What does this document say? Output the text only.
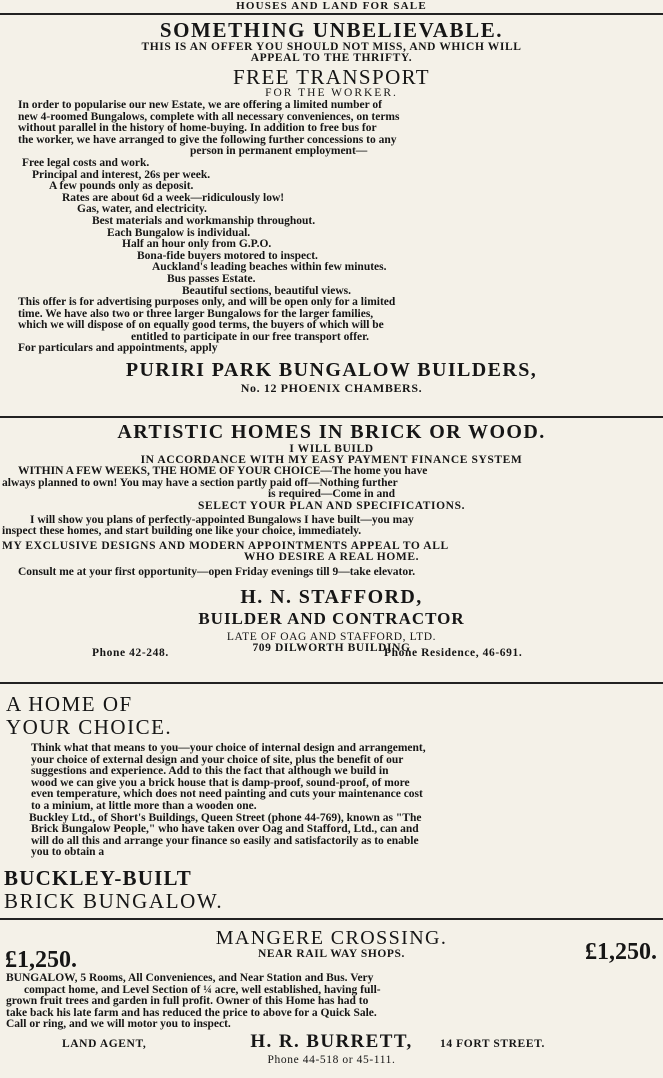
HOUSES AND LAND FOR SALE
SOMETHING UNBELIEVABLE.
THIS IS AN OFFER YOU SHOULD NOT MISS, AND WHICH WILL
APPEAL TO THE THRIFTY.
FREE TRANSPORT
FOR THE WORKER.
In order to popularise our new Estate, we are offering a limited number of
new 4-roomed Bungalows, complete with all necessary conveniences, on terms
without parallel in the history of home-buying. In addition to free bus for
the worker, we have arranged to give the following further concessions to any
person in permanent employment—
Free legal costs and work.
Principal and interest, 26s per week.
A few pounds only as deposit.
Rates are about 6d a week—ridiculously low!
Gas, water, and electricity.
Best materials and workmanship throughout.
Each Bungalow is individual.
Half an hour only from G.P.O.
Bona-fide buyers motored to inspect.
Auckland's leading beaches within few minutes.
Bus passes Estate.
Beautiful sections, beautiful views.
This offer is for advertising purposes only, and will be open only for a limited
time. We have also two or three larger Bungalows for the larger families,
which we will dispose of on equally good terms, the buyers of which will be
entitled to participate in our free transport offer.
For particulars and appointments, apply
PURIRI PARK BUNGALOW BUILDERS,
No. 12 PHOENIX CHAMBERS.
ARTISTIC HOMES IN BRICK OR WOOD.
I WILL BUILD
IN ACCORDANCE WITH MY EASY PAYMENT FINANCE SYSTEM
WITHIN A FEW WEEKS, THE HOME OF YOUR CHOICE—The home you have
always planned to own! You may have a section partly paid off—Nothing further
is required—Come in and
SELECT YOUR PLAN AND SPECIFICATIONS.
I will show you plans of perfectly-appointed Bungalows I have built—you may
inspect these homes, and start building one like your choice, immediately.
MY EXCLUSIVE DESIGNS AND MODERN APPOINTMENTS APPEAL TO ALL
WHO DESIRE A REAL HOME.
Consult me at your first opportunity—open Friday evenings till 9—take elevator.
H. N. STAFFORD,
BUILDER AND CONTRACTOR
LATE OF OAG AND STAFFORD, LTD.
709 DILWORTH BUILDING
Phone 42-248.	Phone Residence, 46-691.
A HOME OF
YOUR CHOICE.
Think what that means to you—your choice of internal design and arrangement,
your choice of external design and your choice of site, plus the benefit of our
suggestions and experience. Add to this the fact that although we build in
wood we can give you a brick house that is damp-proof, sound-proof, of more
even temperature, which does not need painting and cuts your maintenance cost
to a minium, at little more than a wooden one.
Buckley Ltd., of Short's Buildings, Queen Street (phone 44-769), known as "The
Brick Bungalow People," who have taken over Oag and Stafford, Ltd., can and
will do all this and arrange your finance so easily and satisfactorily as to enable
you to obtain a
BUCKLEY-BUILT
BRICK BUNGALOW.
MANGERE CROSSING.
£1,250.	NEAR RAIL WAY SHOPS.	£1,250.
BUNGALOW, 5 Rooms, All Conveniences, and Near Station and Bus. Very
compact home, and Level Section of ¼ acre, well established, having full-
grown fruit trees and garden in full profit. Owner of this Home has had to
take back his late farm and has reduced the price to above for a Quick Sale.
Call or ring, and we will motor you to inspect.
LAND AGENT,	H. R. BURRETT,	14 FORT STREET.
Phone 44-518 or 45-111.
